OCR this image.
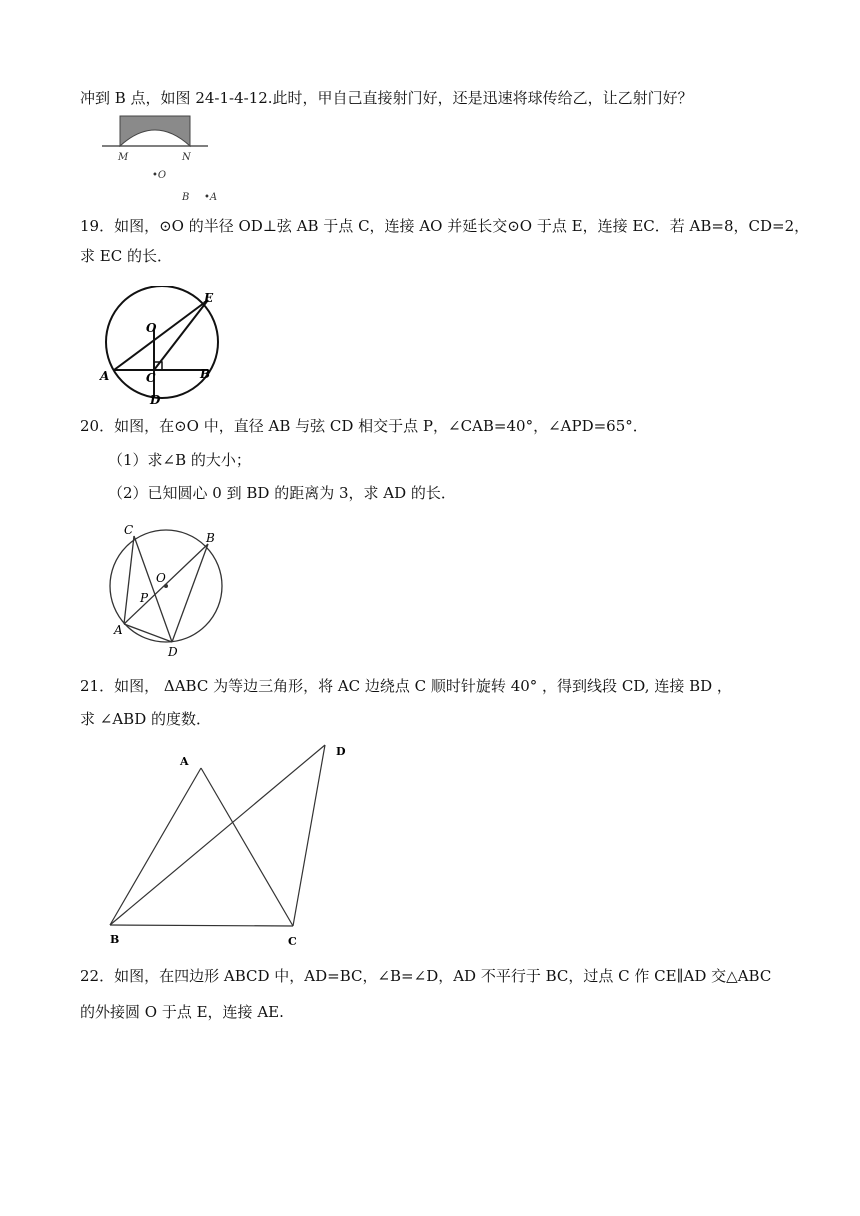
冲到 B 点，如图 24-1-4-12.此时，甲自己直接射门好，还是迅速将球传给乙，让乙射门好？
M	N
•O
B •A
19．如图，⊙O 的半径 OD⊥弦 AB 于点 C，连接 AO 并延长交⊙O 于点 E，连接 EC．若 AB=8，CD=2，
求 EC 的长．
O
E
A	C	B
D
20．如图，在⊙O 中，直径 AB 与弦 CD 相交于点 P，∠CAB=40°，∠APD=65°．
（1）求∠B 的大小；
（2）已知圆心 0 到 BD 的距离为 3，求 AD 的长．
C
B
O
P
A
D
21．如图， ΔABC 为等边三角形，将 AC 边绕点 C 顺时针旋转 40° ，得到线段 CD, 连接 BD ，
求 ∠ABD 的度数．
A
B	C
D
22．如图，在四边形 ABCD 中，AD=BC，∠B=∠D，AD 不平行于 BC，过点 C 作 CE∥AD 交△ABC
的外接圆 O 于点 E，连接 AE.
